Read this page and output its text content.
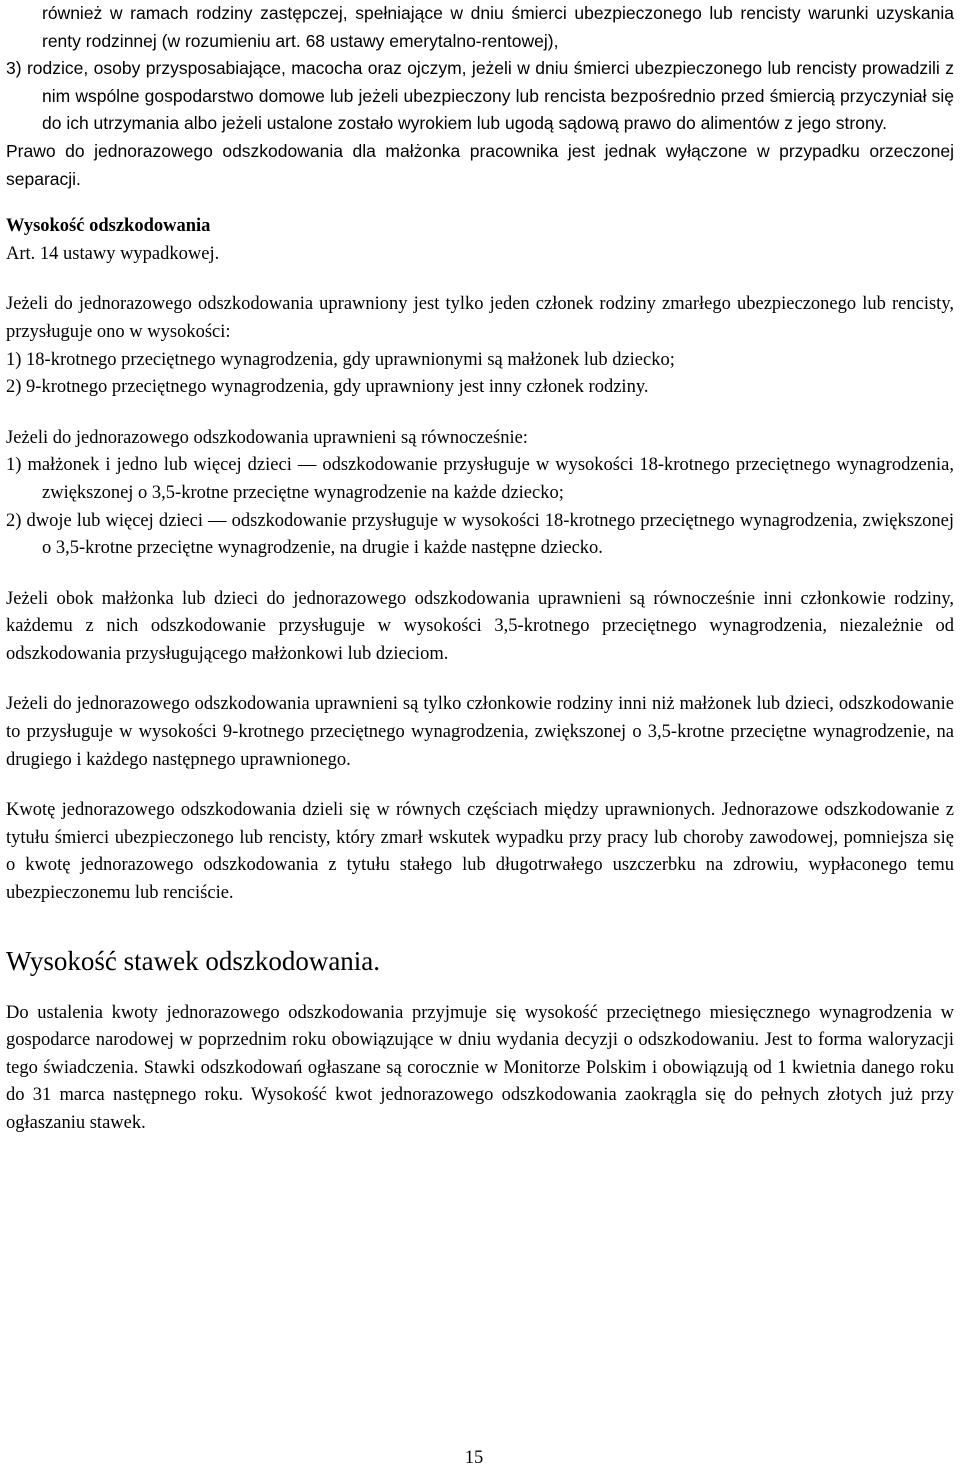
również w ramach rodziny zastępczej, spełniające w dniu śmierci ubezpieczonego lub rencisty warunki uzyskania renty rodzinnej (w rozumieniu art. 68 ustawy emerytalno-rentowej),

3) rodzice, osoby przysposabiające, macocha oraz ojczym, jeżeli w dniu śmierci ubezpieczonego lub rencisty prowadzili z nim wspólne gospodarstwo domowe lub jeżeli ubezpieczony lub rencista bezpośrednio przed śmiercią przyczyniał się do ich utrzymania albo jeżeli ustalone zostało wyrokiem lub ugodą sądową prawo do alimentów z jego strony.

Prawo do jednorazowego odszkodowania dla małżonka pracownika jest jednak wyłączone w przypadku orzeczonej separacji.

Wysokość odszkodowania

Art. 14 ustawy wypadkowej.

Jeżeli do jednorazowego odszkodowania uprawniony jest tylko jeden członek rodziny zmarłego ubezpieczonego lub rencisty, przysługuje ono w wysokości:

1) 18-krotnego przeciętnego wynagrodzenia, gdy uprawnionymi są małżonek lub dziecko;

2) 9-krotnego przeciętnego wynagrodzenia, gdy uprawniony jest inny członek rodziny.

Jeżeli do jednorazowego odszkodowania uprawnieni są równocześnie:

1) małżonek i jedno lub więcej dzieci — odszkodowanie przysługuje w wysokości 18-krotnego przeciętnego wynagrodzenia, zwiększonej o 3,5-krotne przeciętne wynagrodzenie na każde dziecko;

2) dwoje lub więcej dzieci — odszkodowanie przysługuje w wysokości 18-krotnego przeciętnego wynagrodzenia, zwiększonej o 3,5-krotne przeciętne wynagrodzenie, na drugie i każde następne dziecko.

Jeżeli obok małżonka lub dzieci do jednorazowego odszkodowania uprawnieni są równocześnie inni członkowie rodziny, każdemu z nich odszkodowanie przysługuje w wysokości 3,5-krotnego przeciętnego wynagrodzenia, niezależnie od odszkodowania przysługującego małżonkowi lub dzieciom.

Jeżeli do jednorazowego odszkodowania uprawnieni są tylko członkowie rodziny inni niż małżonek lub dzieci, odszkodowanie to przysługuje w wysokości 9-krotnego przeciętnego wynagrodzenia, zwiększonej o 3,5-krotne przeciętne wynagrodzenie, na drugiego i każdego następnego uprawnionego.

Kwotę jednorazowego odszkodowania dzieli się w równych częściach między uprawnionych. Jednorazowe odszkodowanie z tytułu śmierci ubezpieczonego lub rencisty, który zmarł wskutek wypadku przy pracy lub choroby zawodowej, pomniejsza się o kwotę jednorazowego odszkodowania z tytułu stałego lub długotrwałego uszczerbku na zdrowiu, wypłaconego temu ubezpieczonemu lub renciście.

Wysokość stawek odszkodowania.

Do ustalenia kwoty jednorazowego odszkodowania przyjmuje się wysokość przeciętnego miesięcznego wynagrodzenia w gospodarce narodowej w poprzednim roku obowiązujące w dniu wydania decyzji o odszkodowaniu. Jest to forma waloryzacji tego świadczenia. Stawki odszkodowań ogłaszane są corocznie w Monitorze Polskim i obowiązują od 1 kwietnia danego roku do 31 marca następnego roku. Wysokość kwot jednorazowego odszkodowania zaokrągla się do pełnych złotych już przy ogłaszaniu stawek.

15
